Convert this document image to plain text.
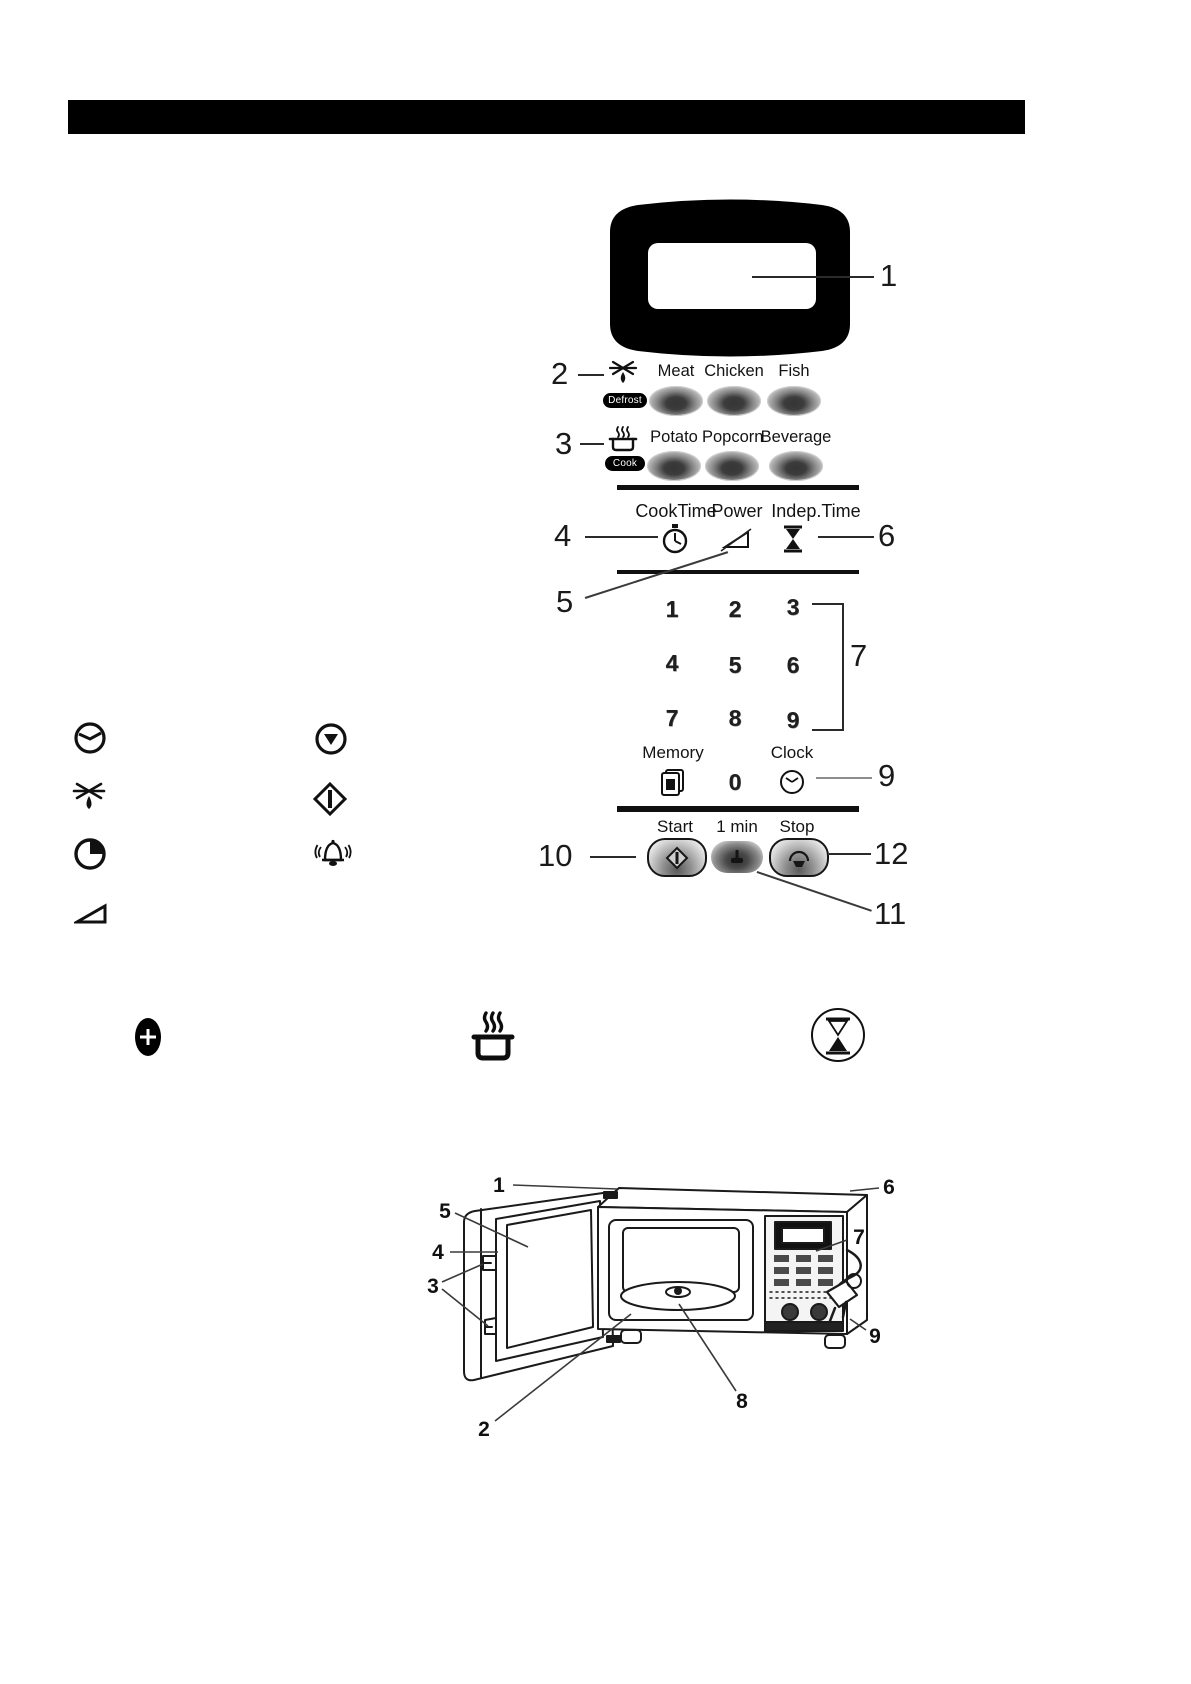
1
2
Defrost
Meat Chicken Fish
3
Cook
Potato Popcorn
Beverage
CookTime
Power Indep.Time
4	6
5	1	2	3
4	5	6
7	8	9
7
Memory	Clock
0	9
Start	1 min	Stop
10	12
11
1
2
3
4
5
6
7
8
9
